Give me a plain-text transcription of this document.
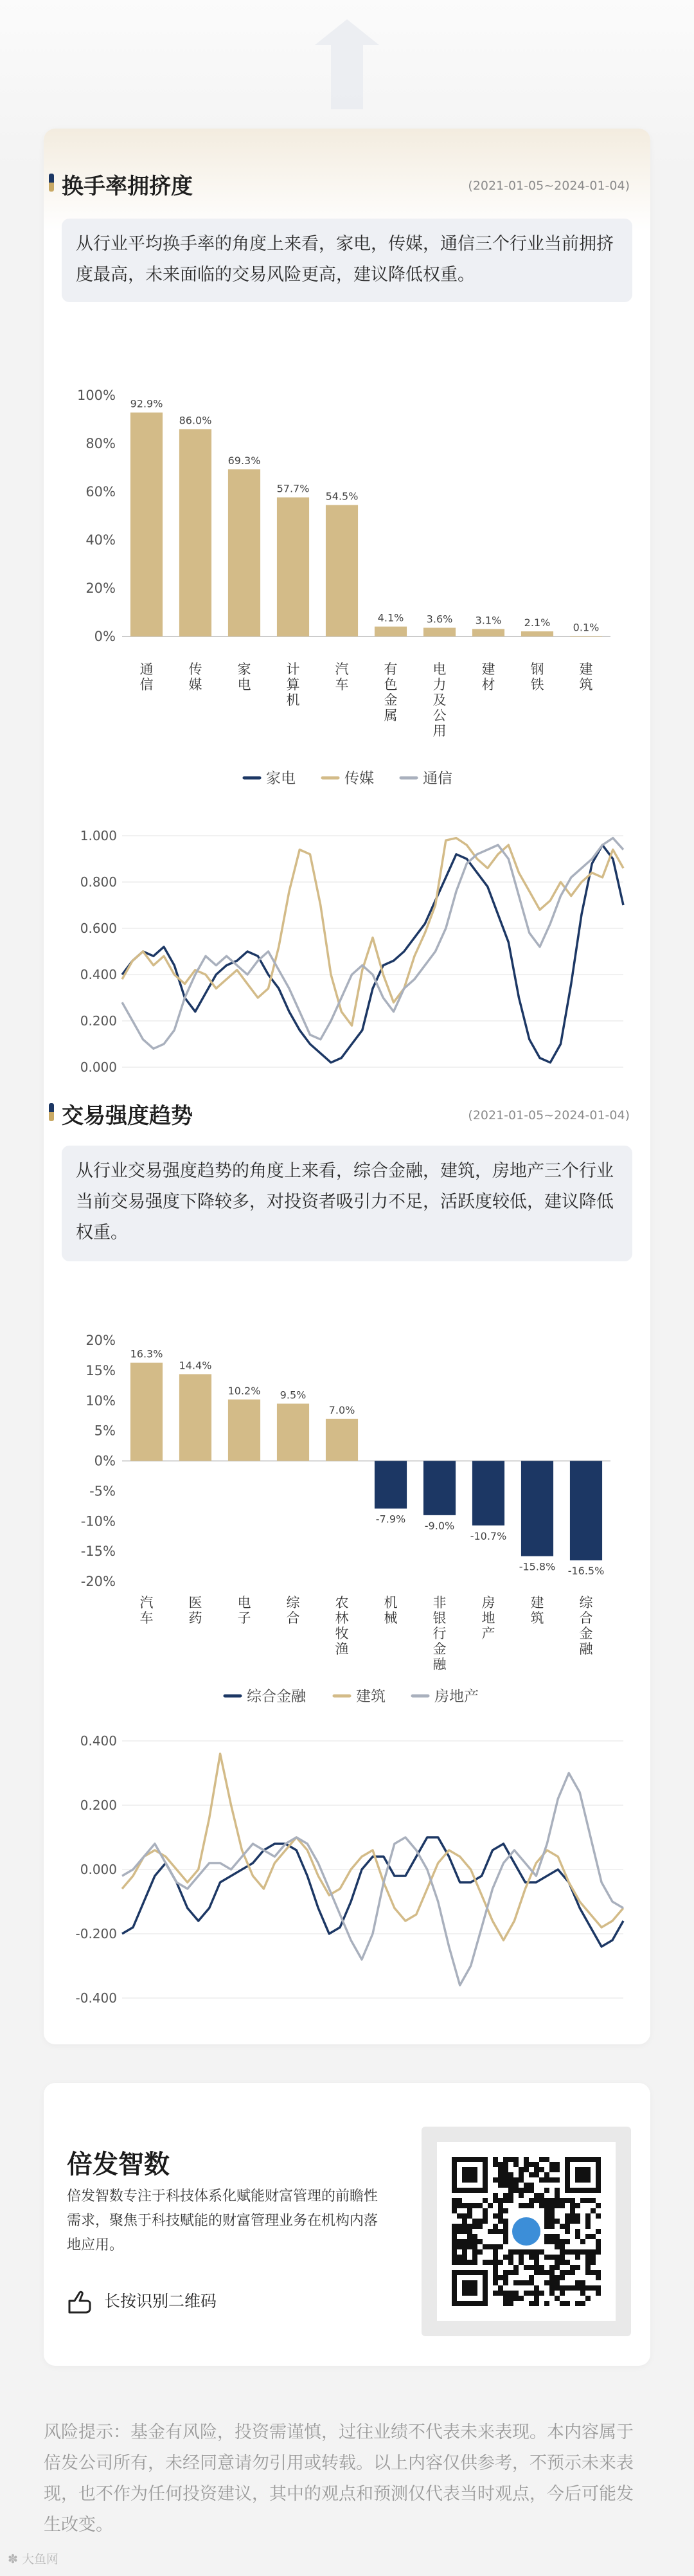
换手率拥挤度	(2021-01-05~2024-01-04)
从行业平均换手率的角度上来看，家电，传媒，通信三个行业当前拥挤度最高，未来面临的交易风险更高，建议降低权重。
0%
20%
40%
60%
80%
100%
92.9%
通
信
86.0%
传
媒
69.3%
家
电
57.7%
计
算
机
54.5%
汽
车
4.1%
有
色
金
属
3.6%
电
力
及
公
用
3.1%
建
材
2.1%
钢
铁
0.1%
建
筑
家电	传媒	通信
0.000
0.200
0.400
0.600
0.800
1.000
交易强度趋势	(2021-01-05~2024-01-04)
从行业交易强度趋势的角度上来看，综合金融，建筑，房地产三个行业当前交易强度下降较多，对投资者吸引力不足，活跃度较低，建议降低权重。
-20%
-15%
-10%
-5%
0%
5%
10%
15%
20%
16.3%
汽
车
14.4%
医
药
10.2%
电
子
9.5%
综
合
7.0%
农
林
牧
渔
-7.9%
机
械
-9.0%
非
银
行
金
融
-10.7%
房
地
产
-15.8%
建
筑
-16.5%
综
合
金
融
综合金融	建筑	房地产
-0.400
-0.200
0.000
0.200
0.400
倍发智数
倍发智数专注于科技体系化赋能财富管理的前瞻性需求，聚焦于科技赋能的财富管理业务在机构内落地应用。
长按识别二维码
风险提示：基金有风险，投资需谨慎，过往业绩不代表未来表现。本内容属于倍发公司所有，未经同意请勿引用或转载。以上内容仅供参考，不预示未来表现，也不作为任何投资建议，其中的观点和预测仅代表当时观点，今后可能发生改变。
✽ 大鱼网
